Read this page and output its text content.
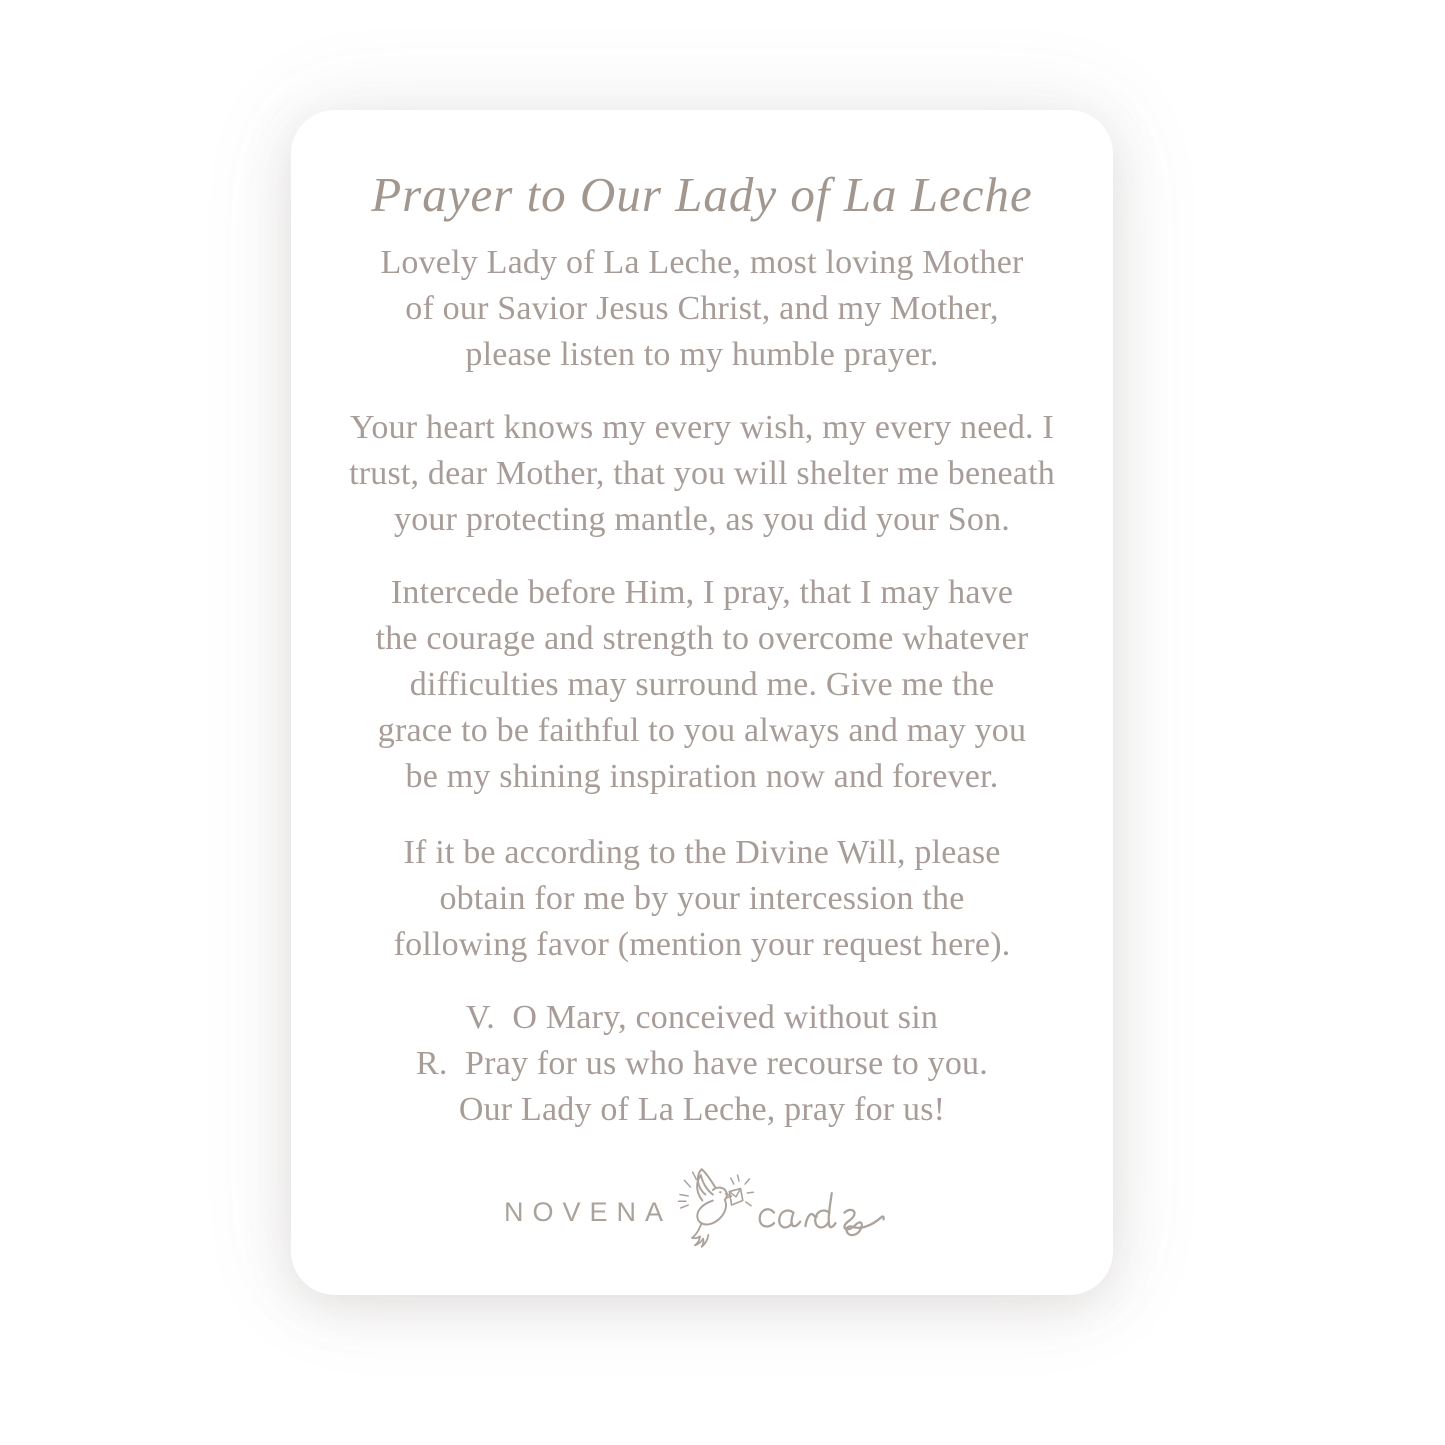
Prayer to Our Lady of La Leche

Lovely Lady of La Leche, most loving Mother
of our Savior Jesus Christ, and my Mother,
please listen to my humble prayer.

Your heart knows my every wish, my every need. I
trust, dear Mother, that you will shelter me beneath
your protecting mantle, as you did your Son.

Intercede before Him, I pray, that I may have
the courage and strength to overcome whatever
difficulties may surround me. Give me the
grace to be faithful to you always and may you
be my shining inspiration now and forever.

If it be according to the Divine Will, please
obtain for me by your intercession the
following favor (mention your request here).

V.  O Mary, conceived without sin
R.  Pray for us who have recourse to you.
Our Lady of La Leche, pray for us!

NOVENA
